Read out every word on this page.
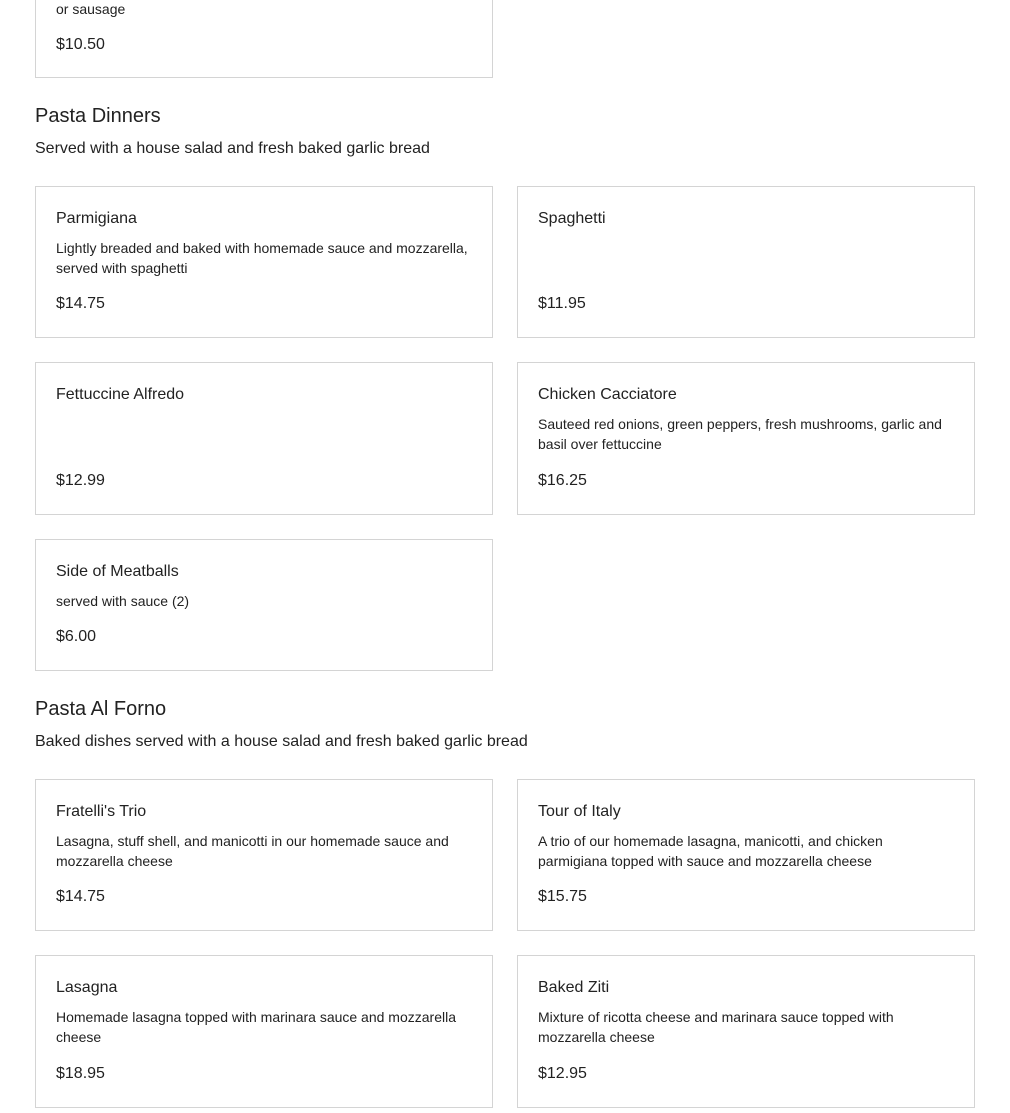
or sausage

$10.50

Pasta Dinners

Served with a house salad and fresh baked garlic bread

Parmigiana

Lightly breaded and baked with homemade sauce and mozzarella, served with spaghetti

$14.75

Spaghetti

$11.95

Fettuccine Alfredo

$12.99

Chicken Cacciatore

Sauteed red onions, green peppers, fresh mushrooms, garlic and basil over fettuccine

$16.25

Side of Meatballs

served with sauce (2)

$6.00

Pasta Al Forno

Baked dishes served with a house salad and fresh baked garlic bread

Fratelli's Trio

Lasagna, stuff shell, and manicotti in our homemade sauce and mozzarella cheese

$14.75

Tour of Italy

A trio of our homemade lasagna, manicotti, and chicken parmigiana topped with sauce and mozzarella cheese

$15.75

Lasagna

Homemade lasagna topped with marinara sauce and mozzarella cheese

$18.95

Baked Ziti

Mixture of ricotta cheese and marinara sauce topped with mozzarella cheese

$12.95
